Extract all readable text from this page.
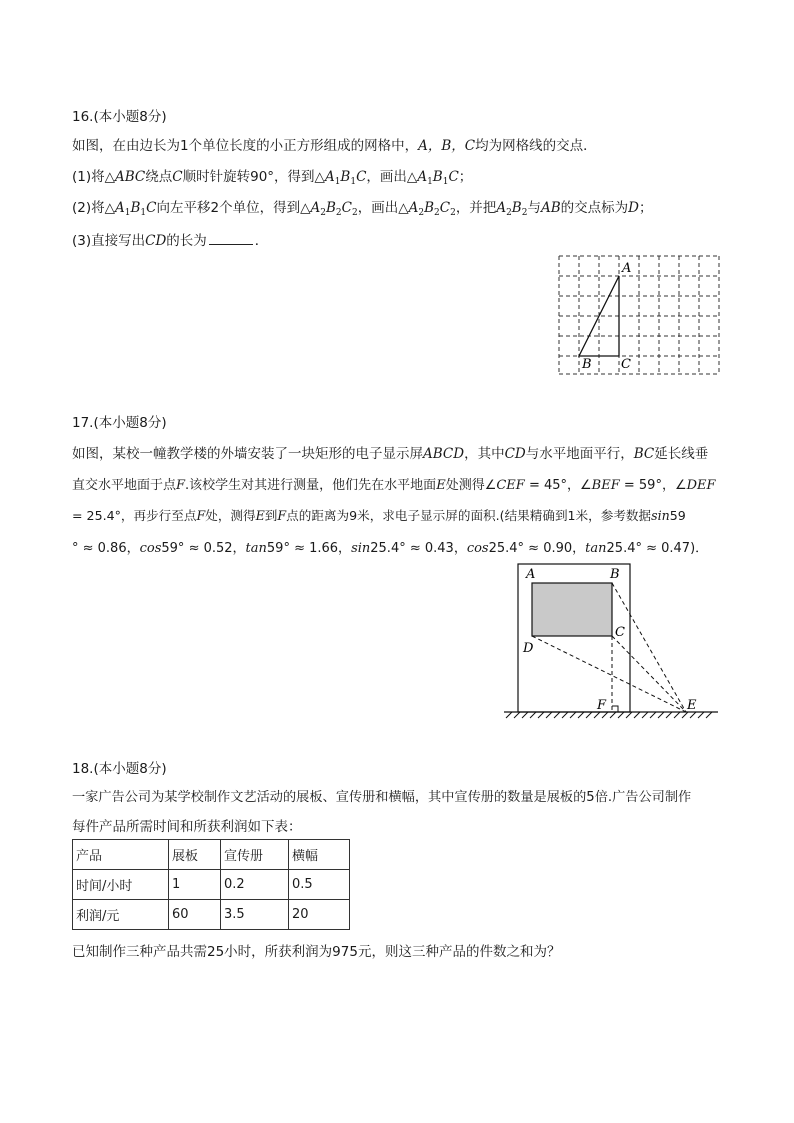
16.(本小题8分)
如图，在由边长为1个单位长度的小正方形组成的网格中，A，B，C均为网格线的交点．
(1)将△ABC绕点C顺时针旋转90°，得到$\triangle A_1B_1C$，画出$\triangle A_1B_1C$；
(2)将$\triangle A_1B_1C$向左平移2个单位，得到$\triangle A_2B_2C_2$，画出$\triangle A_2B_2C_2$，并把$A_2B_2$与AB的交点标为D；
(3)直接写出CD的长为	．
A
B C
17.(本小题8分)
如图，某校一幢教学楼的外墙安装了一块矩形的电子显示屏ABCD，其中CD与水平地面平行，BC延长线垂
直交水平地面于点F.该校学生对其进行测量，他们先在水平地面E处测得∠CEF = 45°，∠BEF = 59°，∠DEF
= 25.4°，再步行至点F处，测得E到F点的距离为9米，求电子显示屏的面积.(结果精确到1米，参考数据sin59
° ≈ 0.86，cos59° ≈ 0.52，tan59° ≈ 1.66，sin25.4° ≈ 0.43，cos25.4° ≈ 0.90，tan25.4° ≈ 0.47)．
A	B
C
D
F	E
18.(本小题8分)
一家广告公司为某学校制作文艺活动的展板、宣传册和横幅，其中宣传册的数量是展板的5倍.广告公司制作
每件产品所需时间和所获利润如下表：
产品	展板	宣传册	横幅
时间/小时	1	0.2	0.5
利润/元	60	3.5	20
已知制作三种产品共需25小时，所获利润为975元，则这三种产品的件数之和为？
